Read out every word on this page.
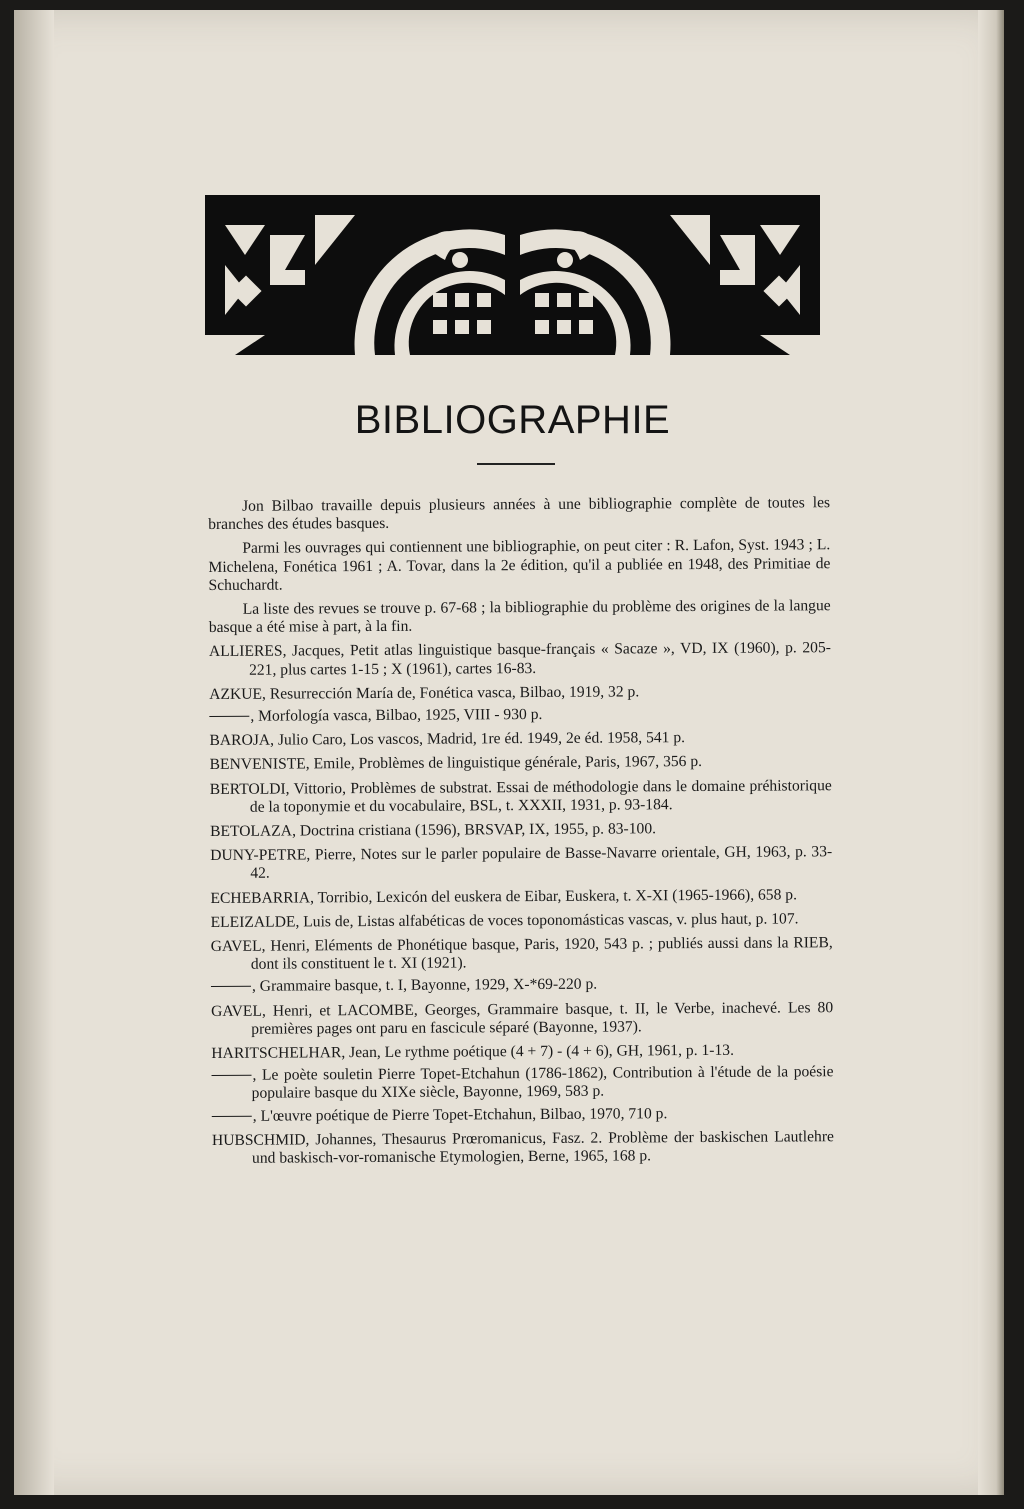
BIBLIOGRAPHIE

Jon Bilbao travaille depuis plusieurs années à une bibliographie complète de toutes les branches des études basques.

Parmi les ouvrages qui contiennent une bibliographie, on peut citer : R. Lafon, Syst. 1943 ; L. Michelena, Fonética 1961 ; A. Tovar, dans la 2e édition, qu'il a publiée en 1948, des Primitiae de Schuchardt.

La liste des revues se trouve p. 67-68 ; la bibliographie du problème des origines de la langue basque a été mise à part, à la fin.

ALLIERES, Jacques, Petit atlas linguistique basque-français « Sacaze », VD, IX (1960), p. 205-221, plus cartes 1-15 ; X (1961), cartes 16-83.
AZKUE, Resurrección María de, Fonética vasca, Bilbao, 1919, 32 p.
, Morfología vasca, Bilbao, 1925, VIII - 930 p.
BAROJA, Julio Caro, Los vascos, Madrid, 1re éd. 1949, 2e éd. 1958, 541 p.
BENVENISTE, Emile, Problèmes de linguistique générale, Paris, 1967, 356 p.
BERTOLDI, Vittorio, Problèmes de substrat. Essai de méthodologie dans le domaine préhistorique de la toponymie et du vocabulaire, BSL, t. XXXII, 1931, p. 93-184.
BETOLAZA, Doctrina cristiana (1596), BRSVAP, IX, 1955, p. 83-100.
DUNY-PETRE, Pierre, Notes sur le parler populaire de Basse-Navarre orientale, GH, 1963, p. 33-42.
ECHEBARRIA, Torribio, Lexicón del euskera de Eibar, Euskera, t. X-XI (1965-1966), 658 p.
ELEIZALDE, Luis de, Listas alfabéticas de voces toponomásticas vascas, v. plus haut, p. 107.
GAVEL, Henri, Eléments de Phonétique basque, Paris, 1920, 543 p. ; publiés aussi dans la RIEB, dont ils constituent le t. XI (1921).
, Grammaire basque, t. I, Bayonne, 1929, X-*69-220 p.
GAVEL, Henri, et LACOMBE, Georges, Grammaire basque, t. II, le Verbe, inachevé. Les 80 premières pages ont paru en fascicule séparé (Bayonne, 1937).
HARITSCHELHAR, Jean, Le rythme poétique (4 + 7) - (4 + 6), GH, 1961, p. 1-13.
, Le poète souletin Pierre Topet-Etchahun (1786-1862), Contribution à l'étude de la poésie populaire basque du XIXe siècle, Bayonne, 1969, 583 p.
, L'œuvre poétique de Pierre Topet-Etchahun, Bilbao, 1970, 710 p.
HUBSCHMID, Johannes, Thesaurus Prœromanicus, Fasz. 2. Problème der baskischen Lautlehre und baskisch-vor-romanische Etymologien, Berne, 1965, 168 p.
